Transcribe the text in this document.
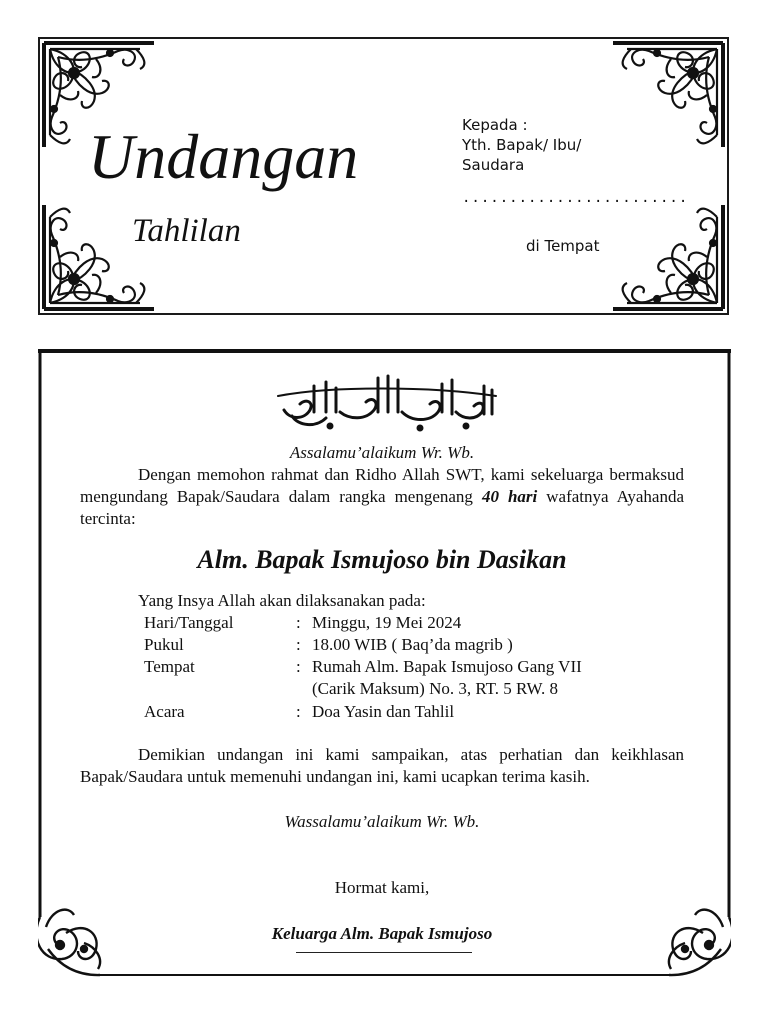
Undangan
Tahlilan
Kepada :
Yth. Bapak/ Ibu/
Saudara
........................
di Tempat
Assalamu’alaikum Wr. Wb.
Dengan memohon rahmat dan Ridho Allah SWT, kami sekeluarga bermaksud mengundang Bapak/Saudara dalam rangka mengenang 40 hari wafatnya Ayahanda tercinta:
Alm. Bapak Ismujoso bin Dasikan
Yang Insya Allah akan dilaksanakan pada:
Hari/Tanggal	: Minggu, 19 Mei 2024
Pukul	: 18.00 WIB ( Baq’da magrib )
Tempat	: Rumah Alm. Bapak Ismujoso Gang VII
(Carik Maksum) No. 3, RT. 5 RW. 8
Acara	: Doa Yasin dan Tahlil
Demikian undangan ini kami sampaikan, atas perhatian dan keikhlasan Bapak/Saudara untuk memenuhi undangan ini, kami ucapkan terima kasih.
Wassalamu’alaikum Wr. Wb.
Hormat kami,
Keluarga Alm. Bapak Ismujoso
